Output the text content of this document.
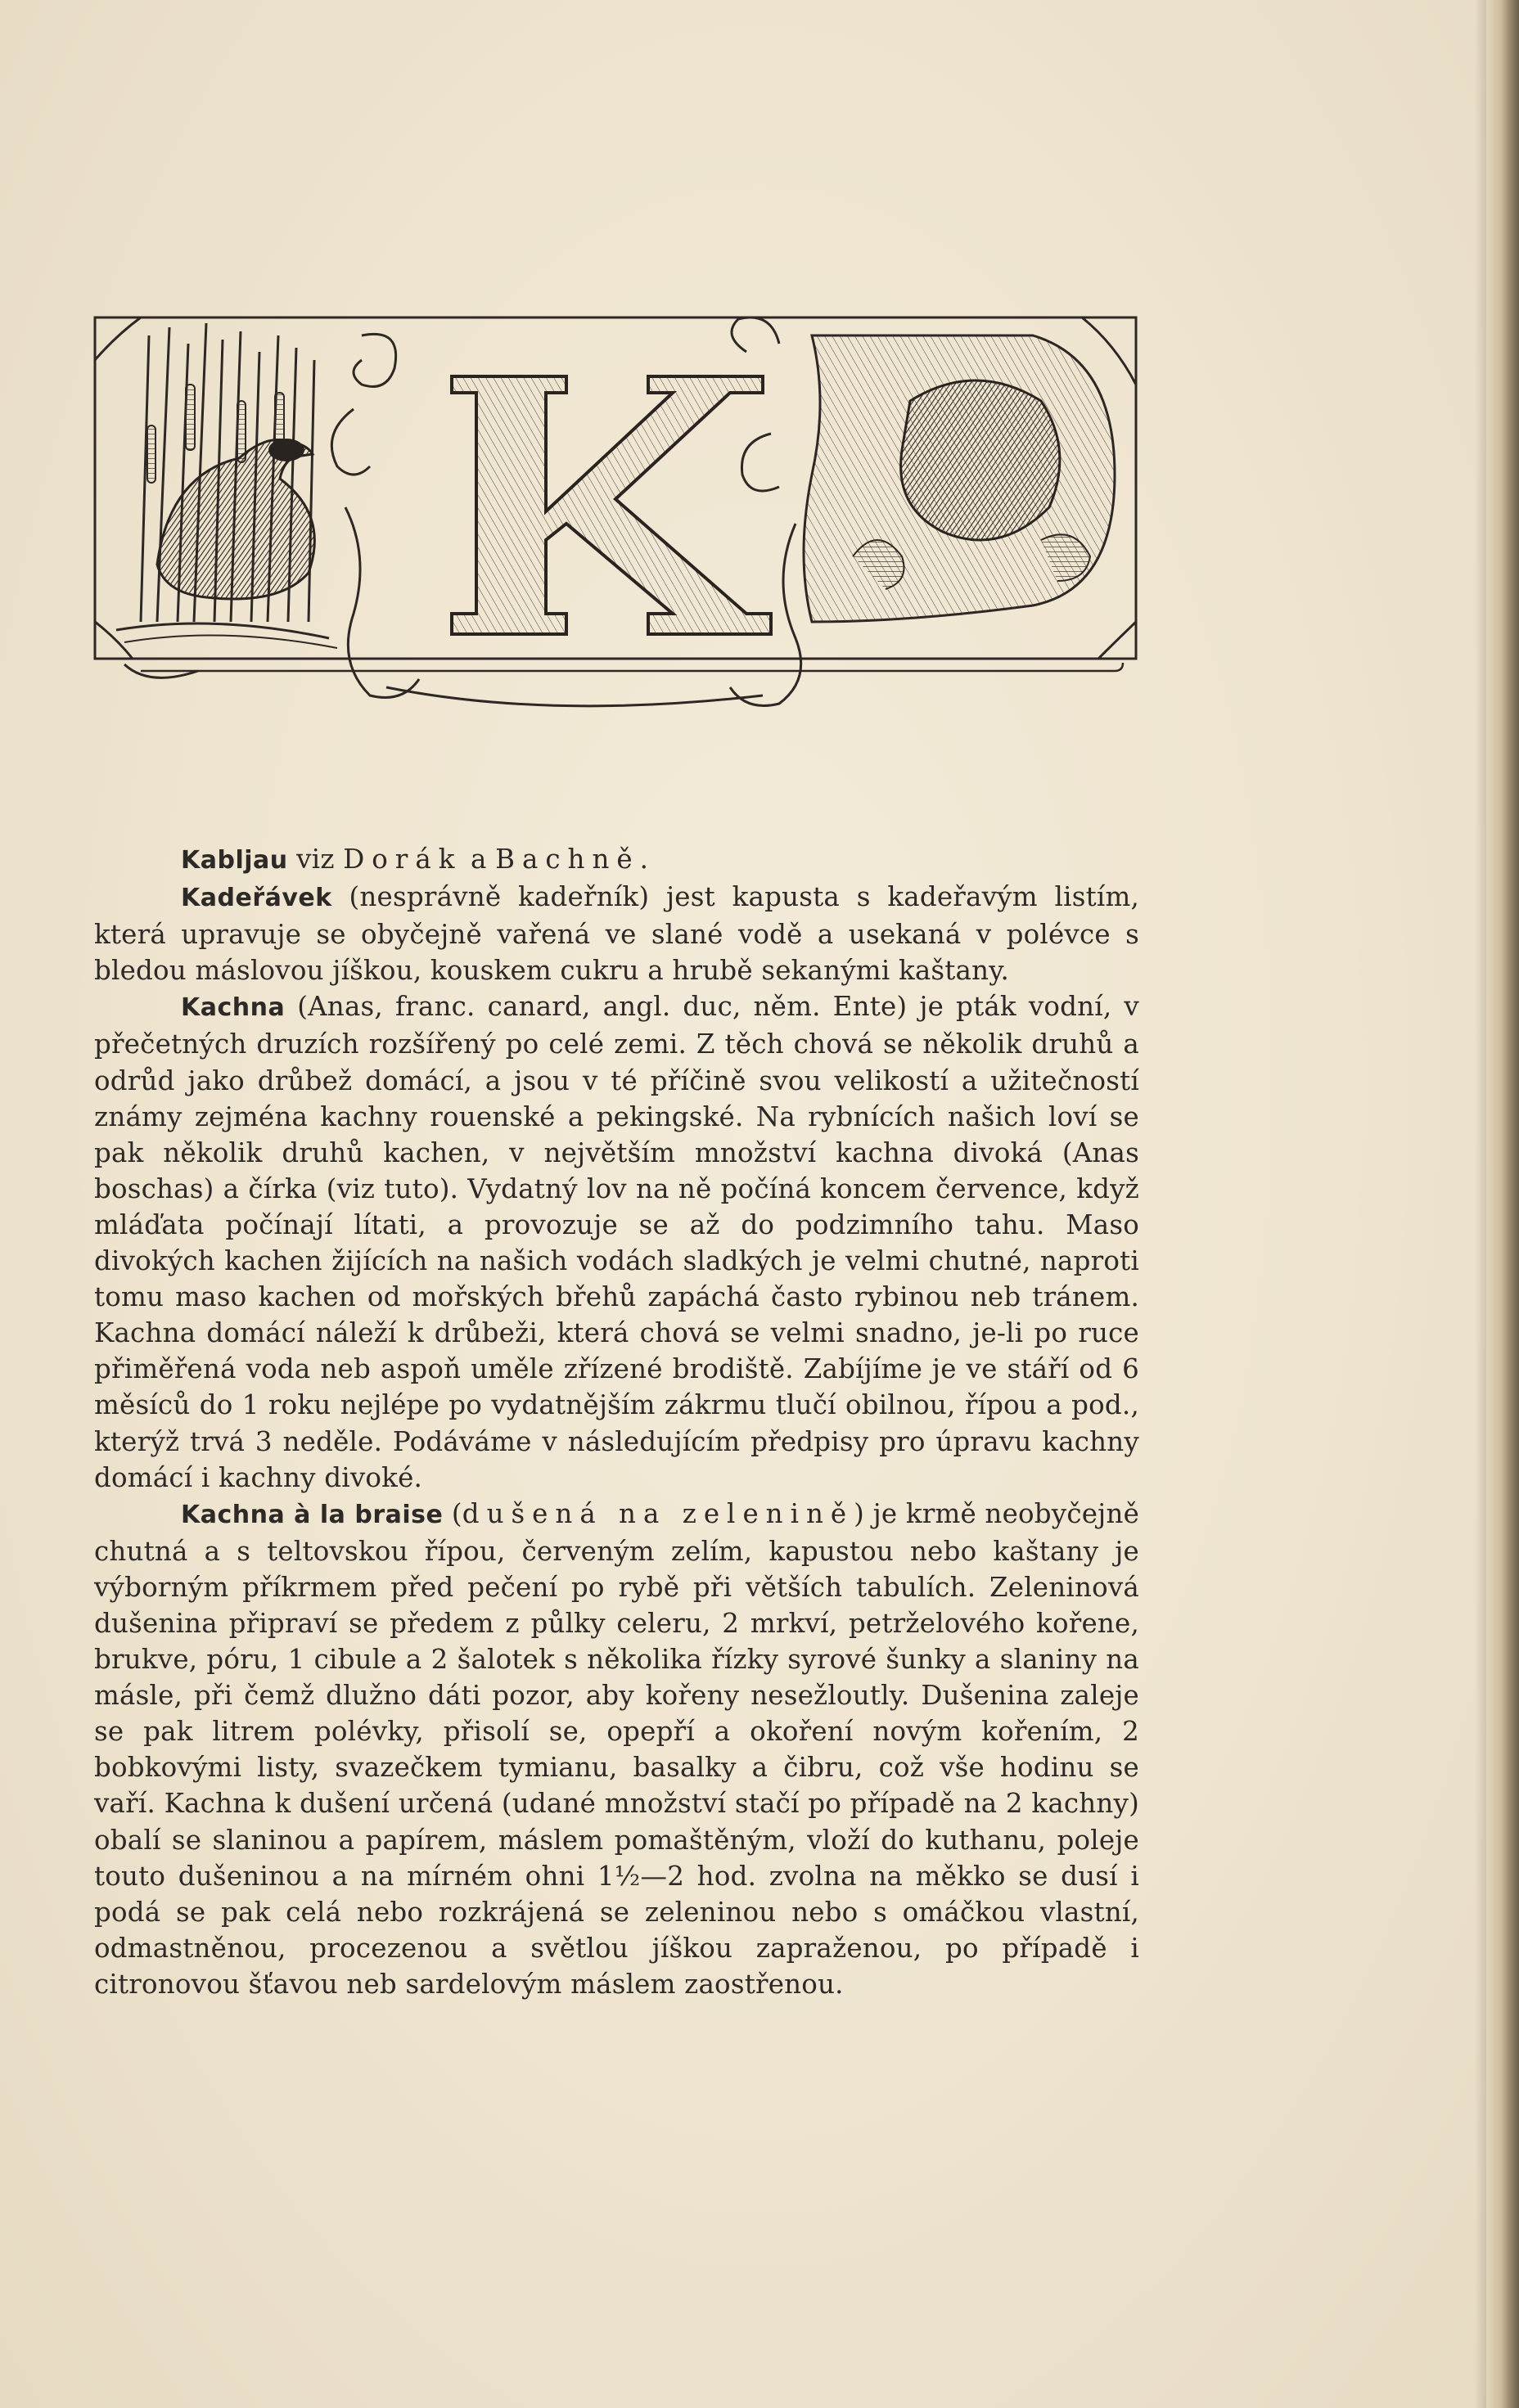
Kabljau viz Dorák a Bachně.

Kadeřávek (nesprávně kadeřník) jest kapusta s kadeřavým listím, která upravuje se obyčejně vařená ve slané vodě a usekaná v polévce s bledou máslovou jíškou, kouskem cukru a hrubě sekanými kaštany.

Kachna (Anas, franc. canard, angl. duc, něm. Ente) je pták vodní, v přečetných druzích rozšířený po celé zemi. Z těch chová se několik druhů a odrůd jako drůbež domácí, a jsou v té příčině svou velikostí a užitečností známy zejména kachny rouenské a pekingské. Na rybnících našich loví se pak několik druhů kachen, v největším množství kachna divoká (Anas boschas) a čírka (viz tuto). Vydatný lov na ně počíná koncem července, když mláďata počínají lítati, a provozuje se až do podzimního tahu. Maso divokých kachen žijících na našich vodách sladkých je velmi chutné, naproti tomu maso kachen od mořských břehů zapáchá často rybinou neb tránem. Kachna domácí náleží k drůbeži, která chová se velmi snadno, je-li po ruce přiměřená voda neb aspoň uměle zřízené brodiště. Zabíjíme je ve stáří od 6 měsíců do 1 roku nejlépe po vydatnějším zákrmu tlučí obilnou, řípou a pod., kterýž trvá 3 neděle. Podáváme v následujícím předpisy pro úpravu kachny domácí i kachny divoké.

Kachna à la braise (dušená na zelenině) je krmě neobyčejně chutná a s teltovskou řípou, červeným zelím, kapustou nebo kaštany je výborným příkrmem před pečení po rybě při větších tabulích. Zeleninová dušenina připraví se předem z půlky celeru, 2 mrkví, petrželového kořene, brukve, póru, 1 cibule a 2 šalotek s několika řízky syrové šunky a slaniny na másle, při čemž dlužno dáti pozor, aby kořeny nesežloutly. Dušenina zaleje se pak litrem polévky, přisolí se, opepří a okoření novým kořením, 2 bobkovými listy, svazečkem tymianu, basalky a čibru, což vše hodinu se vaří. Kachna k dušení určená (udané množství stačí po případě na 2 kachny) obalí se slaninou a papírem, máslem pomaštěným, vloží do kuthanu, poleje touto dušeninou a na mírném ohni 1½—2 hod. zvolna na měkko se dusí i podá se pak celá nebo rozkrájená se zeleninou nebo s omáčkou vlastní, odmastněnou, procezenou a světlou jíškou zapraženou, po případě i citronovou šťavou neb sardelovým máslem zaostřenou.
